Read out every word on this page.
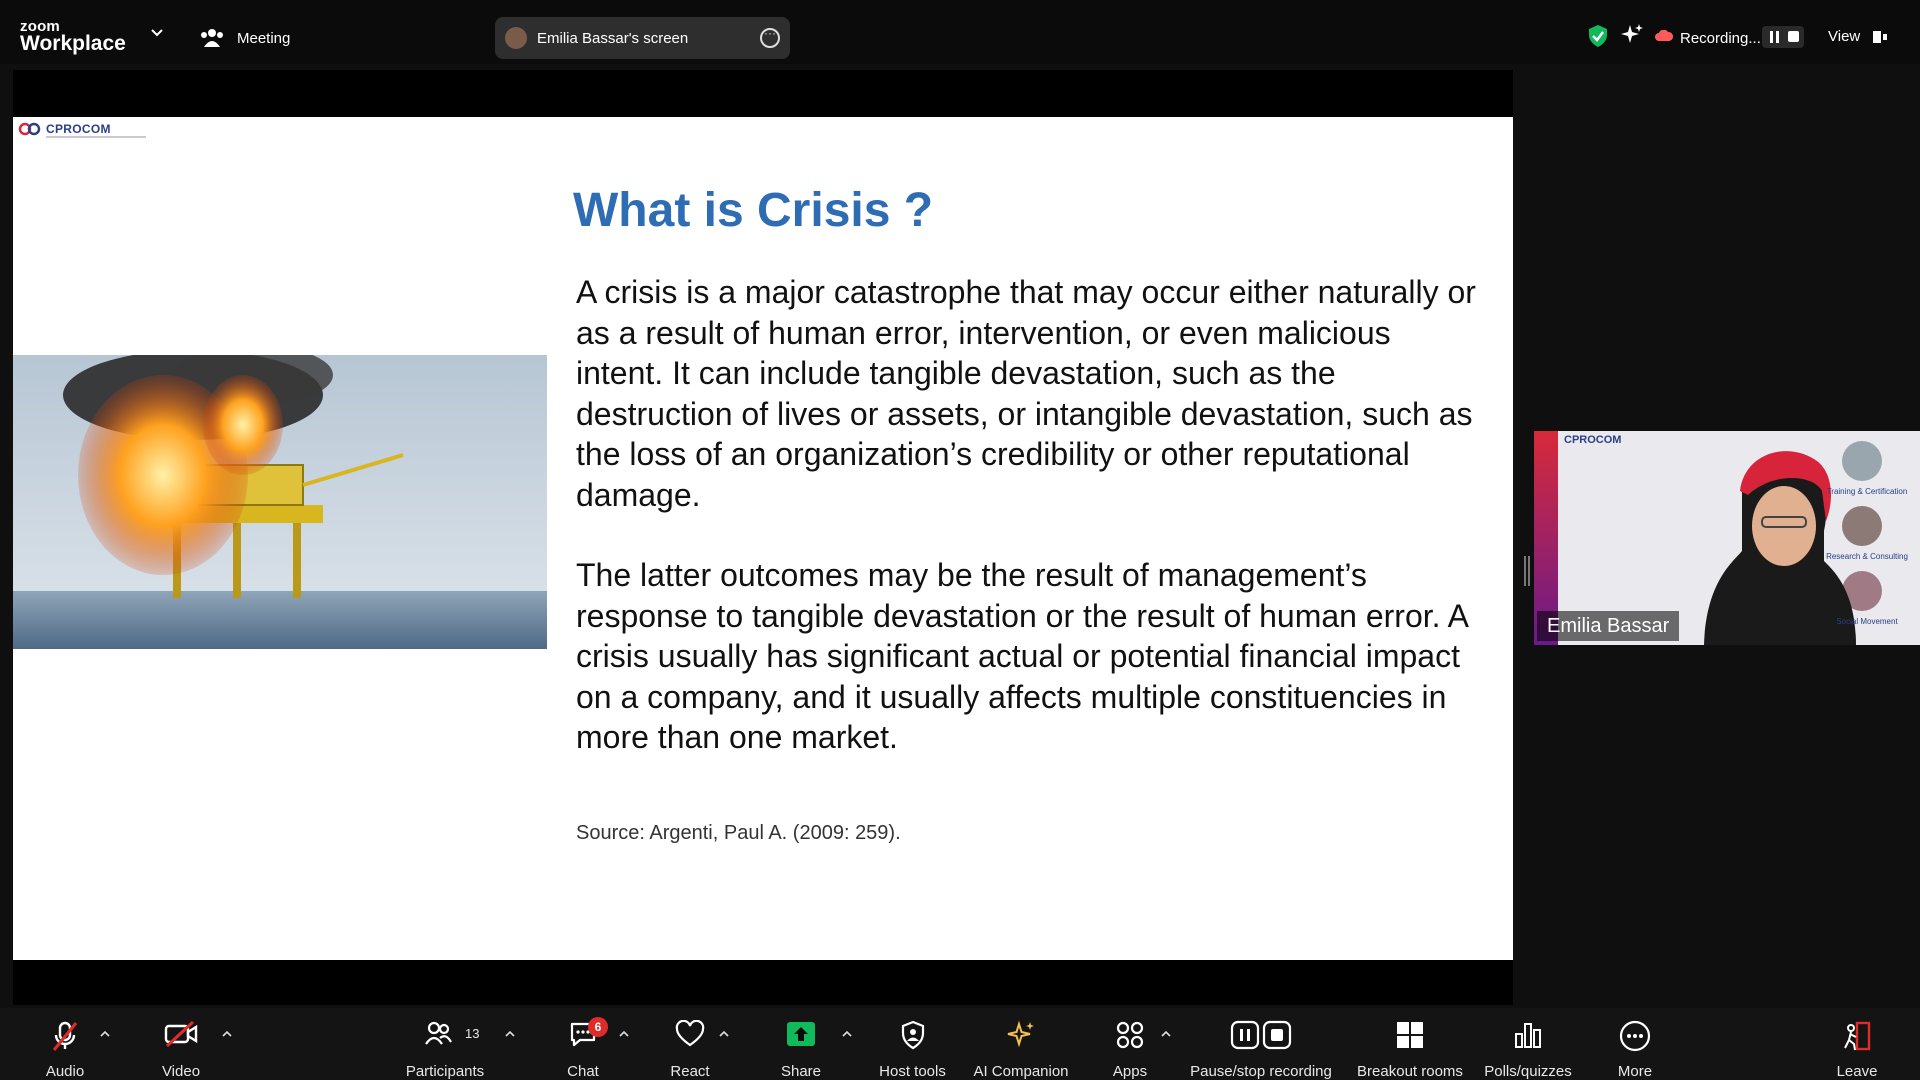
zoom
Workplace	Meeting	Emilia Bassar's screen
···	Recording...	View
CPROCOM
What is Crisis ?
A crisis is a major catastrophe that may occur either naturally or as a result of human error, intervention, or even malicious intent. It can include tangible devastation, such as the destruction of lives or assets, or intangible devastation, such as the loss of an organization’s credibility or other reputational damage.
The latter outcomes may be the result of management’s response to tangible devastation or the result of human error. A crisis usually has significant actual or potential financial impact on a company, and it usually affects multiple constituencies in more than one market.
Source: Argenti, Paul A. (2009: 259).
CPROCOM
Training & Certification
Research & Consulting
Social Movement
Emilia Bassar
Audio	Video	Participants
13
Chat
6
React	Share	Host tools	AI Companion	Apps	Pause/stop recording	Breakout rooms	Polls/quizzes	More	Leave
